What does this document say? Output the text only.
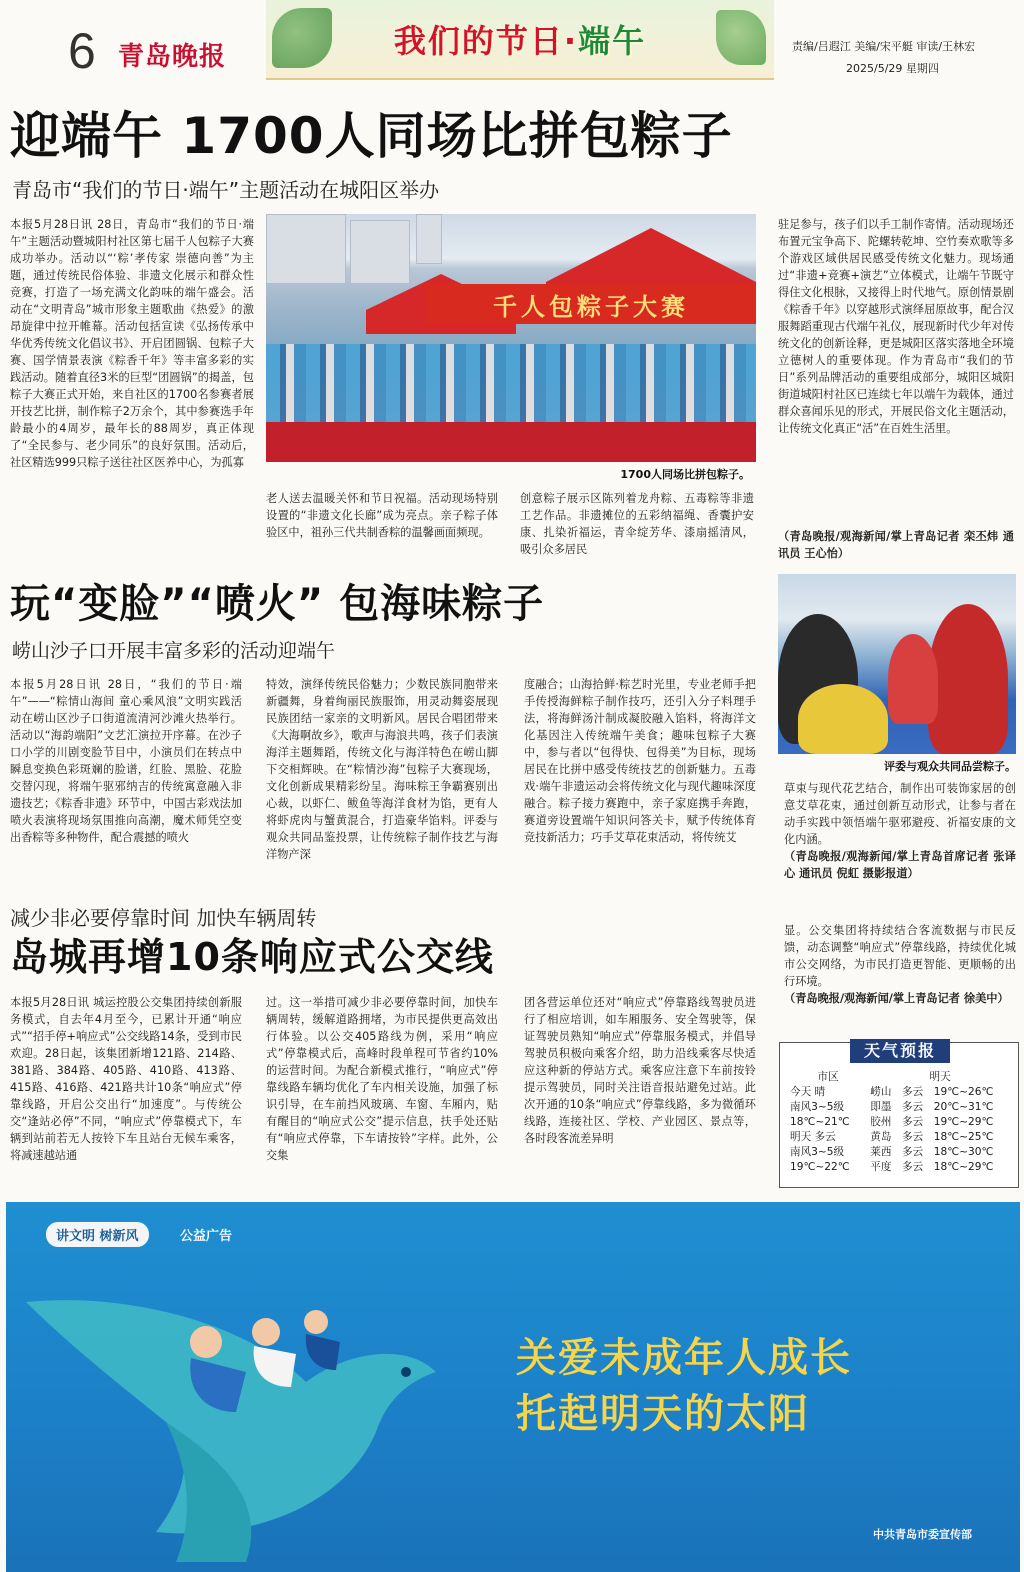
6 青岛晚报	我们的节日·端午	责编/吕遐江 美编/宋平艇 审读/王林宏
2025/5/29 星期四
迎端午 1700人同场比拼包粽子
青岛市“我们的节日·端午”主题活动在城阳区举办
本报5月28日讯 28日，青岛市“我们的节日·端午”主题活动暨城阳村社区第七届千人包粽子大赛成功举办。活动以“‘粽’孝传家 崇德向善”为主题，通过传统民俗体验、非遗文化展示和群众性竞赛，打造了一场充满文化韵味的端午盛会。活动在“文明青岛”城市形象主题歌曲《热爱》的激昂旋律中拉开帷幕。活动包括宣读《弘扬传承中华优秀传统文化倡议书》、开启团圆锅、包粽子大赛、国学情景表演《粽香千年》等丰富多彩的实践活动。随着直径3米的巨型“团圆锅”的揭盖，包粽子大赛正式开始，来自社区的1700名参赛者展开技艺比拼，制作粽子2万余个，其中参赛选手年龄最小的4周岁，最年长的88周岁，真正体现了“全民参与、老少同乐”的良好氛围。活动后，社区精选999只粽子送往社区医养中心，为孤寡
千人包粽子大赛
1700人同场比拼包粽子。
老人送去温暖关怀和节日祝福。活动现场特别设置的“非遗文化长廊”成为亮点。亲子粽子体验区中，祖孙三代共制香粽的温馨画面频现。
创意粽子展示区陈列着龙舟粽、五毒粽等非遗工艺作品。非遗摊位的五彩纳福绳、香囊护安康、扎染祈福运，青伞绽芳华、漆扇摇清风，吸引众多居民
驻足参与，孩子们以手工制作寄情。活动现场还布置元宝争高下、陀螺转乾坤、空竹奏欢歌等多个游戏区域供居民感受传统文化魅力。现场通过“非遗+竞赛+演艺”立体模式，让端午节既守得住文化根脉，又接得上时代地气。原创情景剧《粽香千年》以穿越形式演绎屈原故事，配合汉服舞蹈重现古代端午礼仪，展现新时代少年对传统文化的创新诠释，更是城阳区落实落地全环境立德树人的重要体现。作为青岛市“我们的节日”系列品牌活动的重要组成部分，城阳区城阳街道城阳村社区已连续七年以端午为载体，通过群众喜闻乐见的形式，开展民俗文化主题活动，让传统文化真正“活”在百姓生活里。
（青岛晚报/观海新闻/掌上青岛记者 栾丕炜 通讯员 王心怡）
玩“变脸”“喷火” 包海味粽子
崂山沙子口开展丰富多彩的活动迎端午
本报5月28日讯 28日，“我们的节日·端午”——“粽情山海间 童心乘风浪”文明实践活动在崂山区沙子口街道流清河沙滩火热举行。活动以“海韵端阳”文艺汇演拉开序幕。在沙子口小学的川剧变脸节目中，小演员们在转点中瞬息变换色彩斑斓的脸谱，红脸、黑脸、花脸交替闪现，将端午驱邪纳吉的传统寓意融入非遗技艺；《粽香非遗》环节中，中国古彩戏法加喷火表演将现场氛围推向高潮，魔术师凭空变出香粽等多种物件，配合震撼的喷火
特效，演绎传统民俗魅力；少数民族同胞带来新疆舞，身着绚丽民族服饰，用灵动舞姿展现民族团结一家亲的文明新风。居民合唱团带来《大海啊故乡》，歌声与海浪共鸣，孩子们表演海洋主题舞蹈，传统文化与海洋特色在崂山脚下交相辉映。在“粽情沙海”包粽子大赛现场，文化创新成果精彩纷呈。海味粽王争霸赛别出心裁，以虾仁、鲅鱼等海洋食材为馅，更有人将虾虎肉与蟹黄混合，打造豪华馅料。评委与观众共同品鉴投票，让传统粽子制作技艺与海洋物产深
度融合；山海拾鲜·粽艺时光里，专业老师手把手传授海鲜粽子制作技巧，还引入分子料理手法，将海鲜汤汁制成凝胶融入馅料，将海洋文化基因注入传统端午美食；趣味包粽子大赛中，参与者以“包得快、包得美”为目标，现场居民在比拼中感受传统技艺的创新魅力。五毒戏·端午非遗运动会将传统文化与现代趣味深度融合。粽子接力赛跑中，亲子家庭携手奔跑，赛道旁设置端午知识问答关卡，赋予传统体育竞技新活力；巧手艾草花束活动，将传统艾
评委与观众共同品尝粽子。
草束与现代花艺结合，制作出可装饰家居的创意艾草花束，通过创新互动形式，让参与者在动手实践中领悟端午驱邪避疫、祈福安康的文化内涵。
（青岛晚报/观海新闻/掌上青岛首席记者 张译心 通讯员 倪虹 摄影报道）
减少非必要停靠时间 加快车辆周转
岛城再增10条响应式公交线
本报5月28日讯 城运控股公交集团持续创新服务模式，自去年4月至今，已累计开通“响应式”“招手停+响应式”公交线路14条，受到市民欢迎。28日起，该集团新增121路、214路、381路、384路、405路、410路、413路、415路、416路、421路共计10条“响应式”停靠线路，开启公交出行“加速度”。与传统公交“逢站必停”不同，“响应式”停靠模式下，车辆到站前若无人按铃下车且站台无候车乘客，将减速越站通
过。这一举措可减少非必要停靠时间，加快车辆周转，缓解道路拥堵，为市民提供更高效出行体验。以公交405路线为例，采用“响应式”停靠模式后，高峰时段单程可节省约10%的运营时间。为配合新模式推行，“响应式”停靠线路车辆均优化了车内相关设施，加强了标识引导，在车前挡风玻璃、车窗、车厢内，贴有醒目的“响应式公交”提示信息，扶手处还贴有“响应式停靠，下车请按铃”字样。此外，公交集
团各营运单位还对“响应式”停靠路线驾驶员进行了相应培训，如车厢服务、安全驾驶等，保证驾驶员熟知“响应式”停靠服务模式，并倡导驾驶员积极向乘客介绍，助力沿线乘客尽快适应这种新的停站方式。乘客应注意下车前按铃提示驾驶员，同时关注语音报站避免过站。此次开通的10条“响应式”停靠线路，多为微循环线路，连接社区、学校、产业园区、景点等，各时段客流差异明
显。公交集团将持续结合客流数据与市民反馈，动态调整“响应式”停靠线路，持续优化城市公交网络，为市民打造更智能、更顺畅的出行环境。
（青岛晚报/观海新闻/掌上青岛记者 徐美中）
天气预报
市区	明天		
今天 晴	崂山	多云	19℃~26℃
南风3~5级	即墨	多云	20℃~31℃
18℃~21℃	胶州	多云	19℃~29℃
明天 多云	黄岛	多云	18℃~25℃
南风3~5级	莱西	多云	18℃~30℃
19℃~22℃	平度	多云	18℃~29℃
讲文明 树新风	公益广告
关爱未成年人成长
托起明天的太阳
中共青岛市委宣传部
